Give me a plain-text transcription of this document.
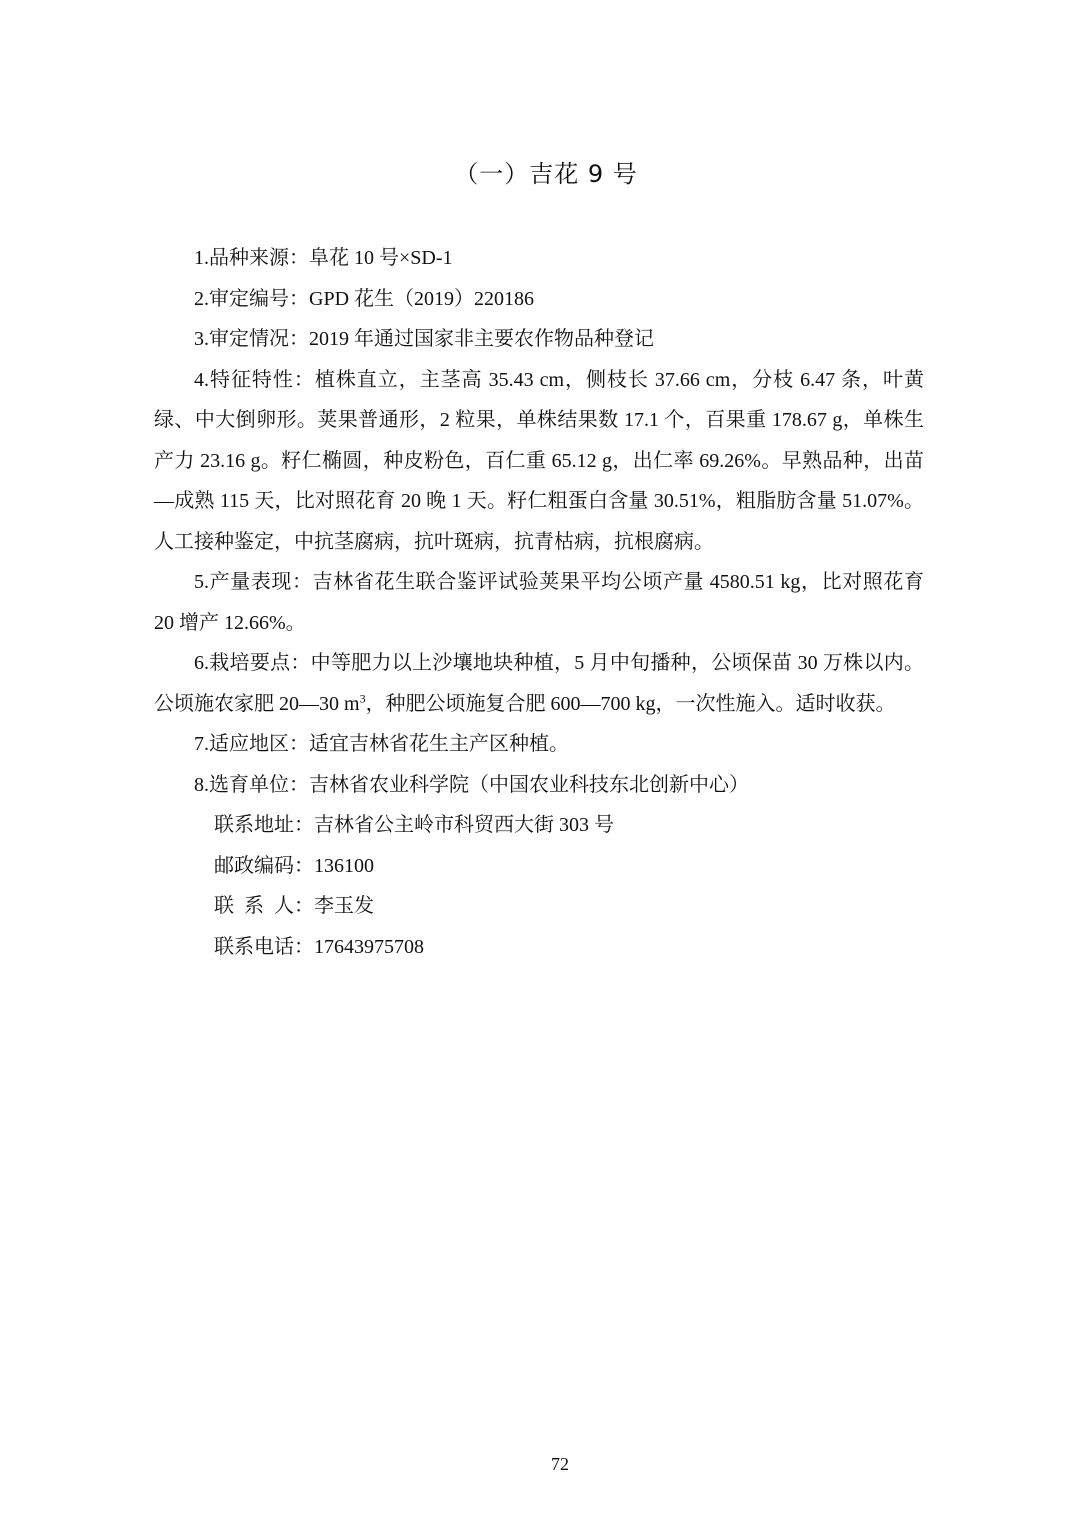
（一）吉花 9 号

1.品种来源：阜花 10 号×SD-1

2.审定编号：GPD 花生（2019）220186

3.审定情况：2019 年通过国家非主要农作物品种登记

4.特征特性：植株直立，主茎高 35.43 cm，侧枝长 37.66 cm，分枝 6.47 条，叶黄绿、中大倒卵形。荚果普通形，2 粒果，单株结果数 17.1 个，百果重 178.67 g，单株生产力 23.16 g。籽仁椭圆，种皮粉色，百仁重 65.12 g，出仁率 69.26%。早熟品种，出苗—成熟 115 天，比对照花育 20 晚 1 天。籽仁粗蛋白含量 30.51%，粗脂肪含量 51.07%。人工接种鉴定，中抗茎腐病，抗叶斑病，抗青枯病，抗根腐病。

5.产量表现：吉林省花生联合鉴评试验荚果平均公顷产量 4580.51 kg，比对照花育 20 增产 12.66%。

6.栽培要点：中等肥力以上沙壤地块种植，5 月中旬播种，公顷保苗 30 万株以内。公顷施农家肥 20—30 $m^3$，种肥公顷施复合肥 600—700 kg，一次性施入。适时收获。

7.适应地区：适宜吉林省花生主产区种植。

8.选育单位：吉林省农业科学院（中国农业科技东北创新中心）

联系地址：吉林省公主岭市科贸西大街 303 号

邮政编码：136100

联  系  人：李玉发

联系电话：17643975708

72
